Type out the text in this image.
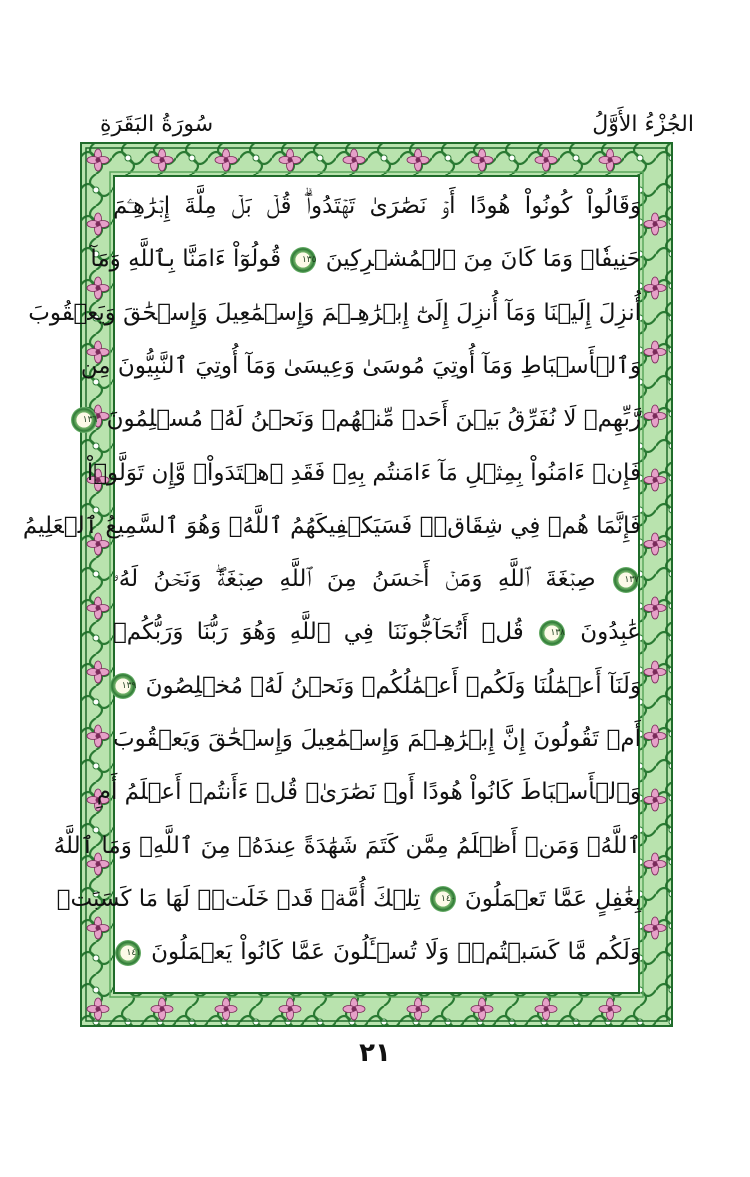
الجُزْءُ الأَوَّلُ
سُورَةُ البَقَرَةِ
وَقَالُواْ كُونُواْ هُودًا أَوۡ نَصَٰرَىٰ تَهۡتَدُواْۗ قُلۡ بَلۡ مِلَّةَ إِبۡرَٰهِـۧمَ
حَنِيفٗاۖ وَمَا كَانَ مِنَ ٱلۡمُشۡرِكِينَ ١٣٥ قُولُوٓاْ ءَامَنَّا بِٱللَّهِ وَمَآ
أُنزِلَ إِلَيۡنَا وَمَآ أُنزِلَ إِلَىٰٓ إِبۡرَٰهِـۧمَ وَإِسۡمَٰعِيلَ وَإِسۡحَٰقَ وَيَعۡقُوبَ
وَٱلۡأَسۡبَاطِ وَمَآ أُوتِيَ مُوسَىٰ وَعِيسَىٰ وَمَآ أُوتِيَ ٱلنَّبِيُّونَ مِن
رَّبِّهِمۡ لَا نُفَرِّقُ بَيۡنَ أَحَدٖ مِّنۡهُمۡ وَنَحۡنُ لَهُۥ مُسۡلِمُونَ ١٣٦
فَإِنۡ ءَامَنُواْ بِمِثۡلِ مَآ ءَامَنتُم بِهِۦ فَقَدِ ٱهۡتَدَواْۖ وَّإِن تَوَلَّوۡاْ
فَإِنَّمَا هُمۡ فِي شِقَاقٖۖ فَسَيَكۡفِيكَهُمُ ٱللَّهُۚ وَهُوَ ٱلسَّمِيعُ ٱلۡعَلِيمُ
١٣٧ صِبۡغَةَ ٱللَّهِ وَمَنۡ أَحۡسَنُ مِنَ ٱللَّهِ صِبۡغَةٗۖ وَنَحۡنُ لَهُۥ
عَٰبِدُونَ ١٣٨ قُلۡ أَتُحَآجُّونَنَا فِي ٱللَّهِ وَهُوَ رَبُّنَا وَرَبُّكُمۡ
وَلَنَآ أَعۡمَٰلُنَا وَلَكُمۡ أَعۡمَٰلُكُمۡ وَنَحۡنُ لَهُۥ مُخۡلِصُونَ ١٣٩
أَمۡ تَقُولُونَ إِنَّ إِبۡرَٰهِـۧمَ وَإِسۡمَٰعِيلَ وَإِسۡحَٰقَ وَيَعۡقُوبَ
وَٱلۡأَسۡبَاطَ كَانُواْ هُودًا أَوۡ نَصَٰرَىٰۗ قُلۡ ءَأَنتُمۡ أَعۡلَمُ أَمِ
ٱللَّهُۗ وَمَنۡ أَظۡلَمُ مِمَّن كَتَمَ شَهَٰدَةً عِندَهُۥ مِنَ ٱللَّهِۗ وَمَا ٱللَّهُ
بِغَٰفِلٍ عَمَّا تَعۡمَلُونَ ١٤٠ تِلۡكَ أُمَّةٞ قَدۡ خَلَتۡۖ لَهَا مَا كَسَبَتۡ
وَلَكُم مَّا كَسَبۡتُمۡۖ وَلَا تُسۡـَٔلُونَ عَمَّا كَانُواْ يَعۡمَلُونَ ١٤١
٢١
